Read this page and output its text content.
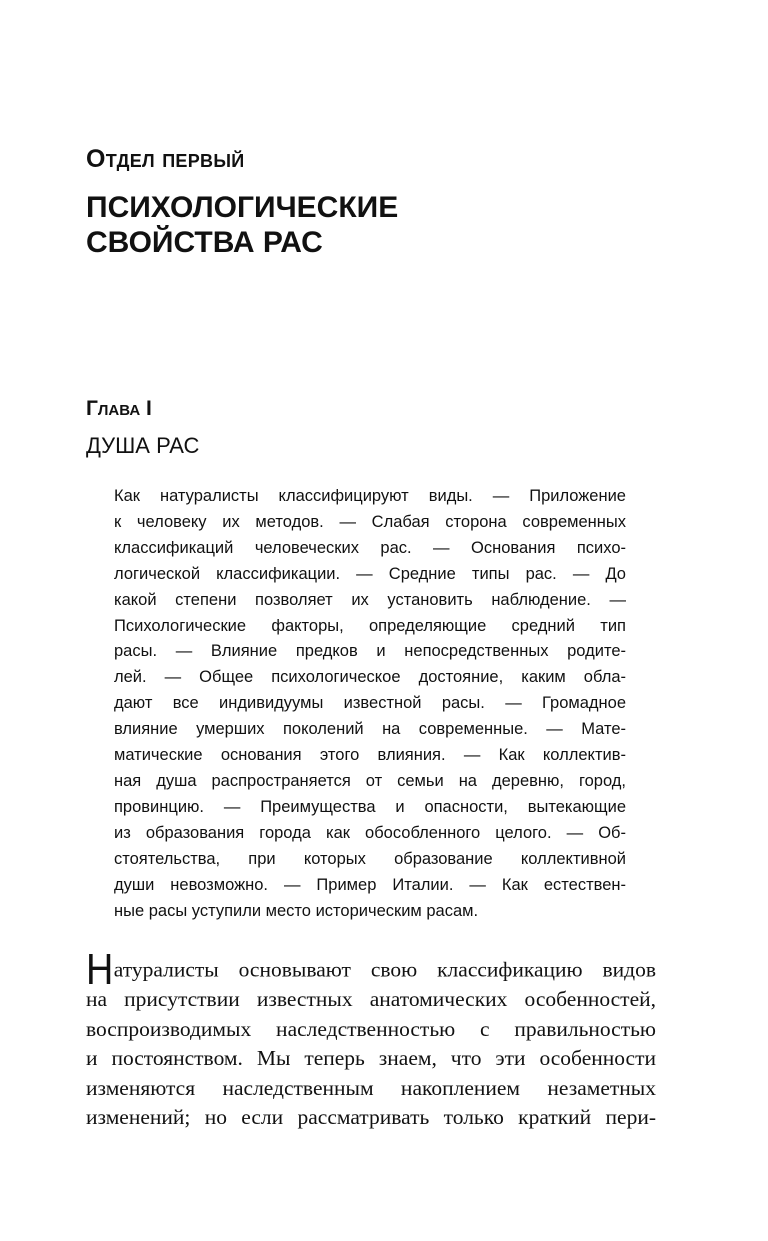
Отдел первый
ПСИХОЛОГИЧЕСКИЕ
СВОЙСТВА РАС
Глава I
ДУША РАС
Как натуралисты классифицируют виды. — Приложение
к человеку их методов. — Слабая сторона современных
классификаций человеческих рас. — Основания психо-
логической классификации. — Средние типы рас. — До
какой степени позволяет их установить наблюдение. —
Психологические факторы, определяющие средний тип
расы. — Влияние предков и непосредственных родите-
лей. — Общее психологическое достояние, каким обла-
дают все индивидуумы известной расы. — Громадное
влияние умерших поколений на современные. — Мате-
матические основания этого влияния. — Как коллектив-
ная душа распространяется от семьи на деревню, город,
провинцию. — Преимущества и опасности, вытекающие
из образования города как обособленного целого. — Об-
стоятельства, при которых образование коллективной
души невозможно. — Пример Италии. — Как естествен-
ные расы уступили место историческим расам.
Натуралисты основывают свою классификацию видов
на присутствии известных анатомических особенностей,
воспроизводимых наследственностью с правильностью
и постоянством. Мы теперь знаем, что эти особенности
изменяются наследственным накоплением незаметных
изменений; но если рассматривать только краткий пери-
